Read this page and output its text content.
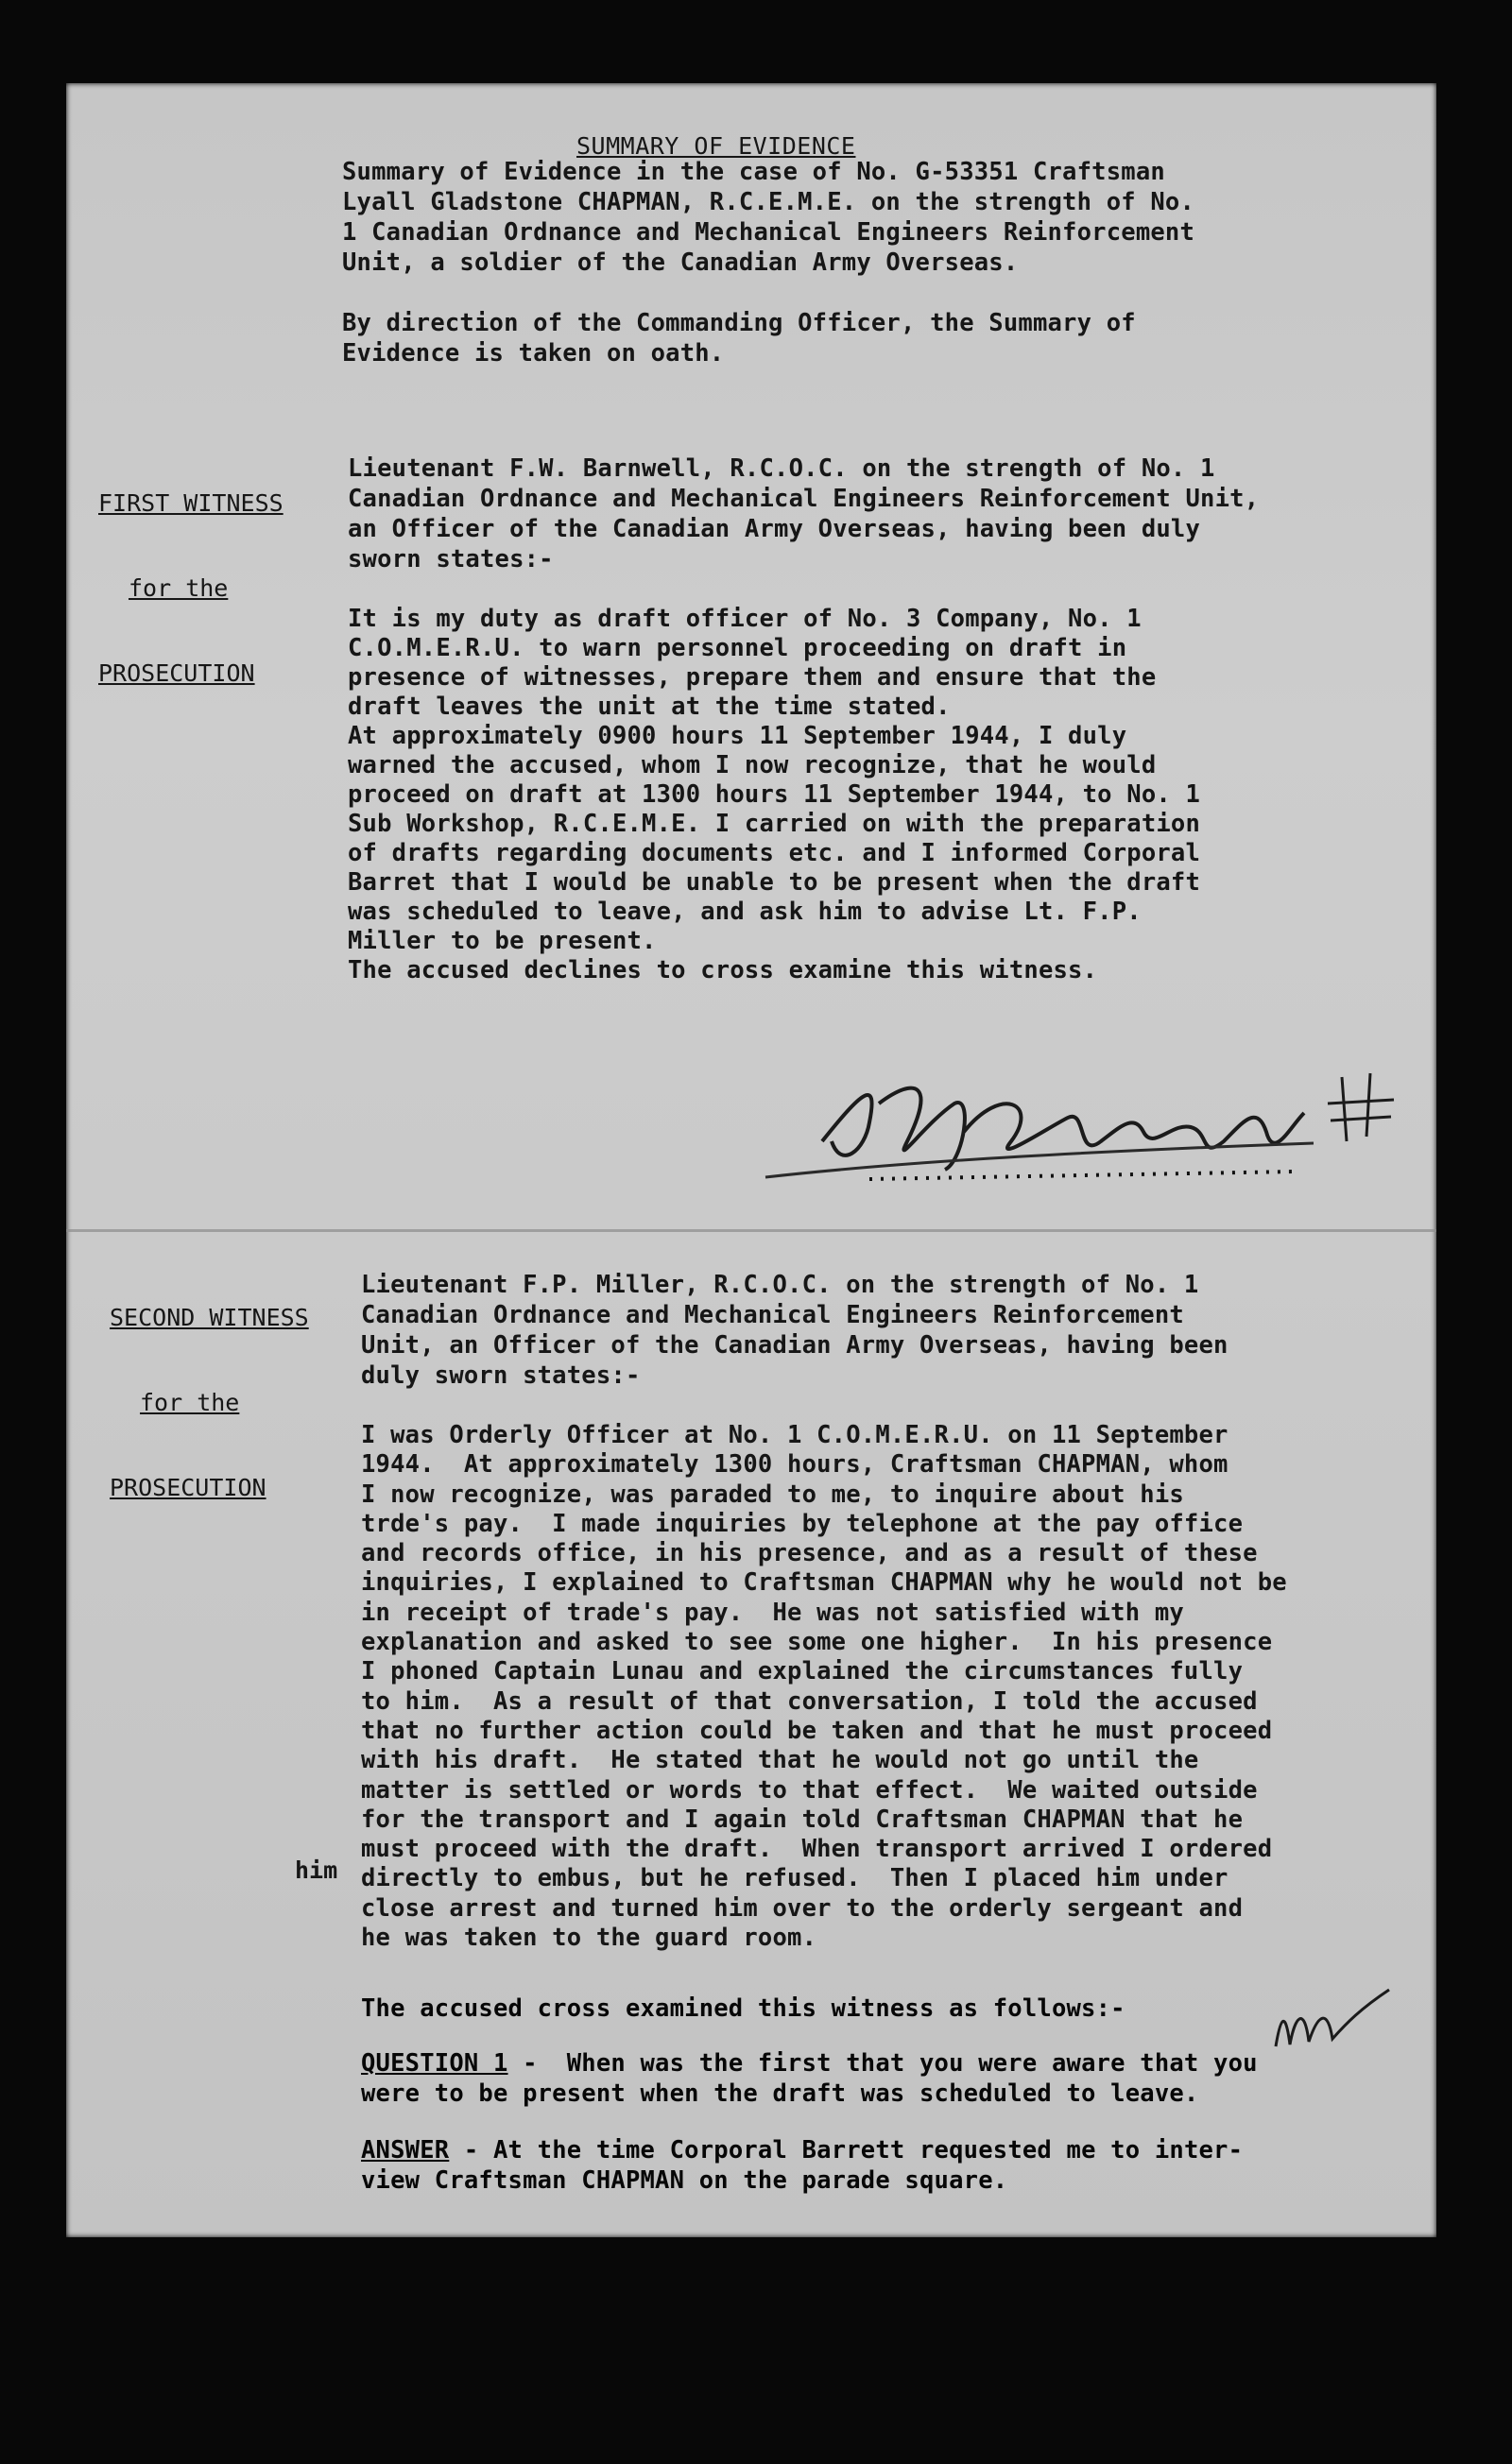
SUMMARY OF EVIDENCE
Summary of Evidence in the case of No. G-53351 Craftsman
Lyall Gladstone CHAPMAN, R.C.E.M.E. on the strength of No.
1 Canadian Ordnance and Mechanical Engineers Reinforcement
Unit, a soldier of the Canadian Army Overseas.
By direction of the Commanding Officer, the Summary of
Evidence is taken on oath.

FIRST WITNESS

for the

PROSECUTION

Lieutenant F.W. Barnwell, R.C.O.C. on the strength of No. 1
Canadian Ordnance and Mechanical Engineers Reinforcement Unit,
an Officer of the Canadian Army Overseas, having been duly
sworn states:-
It is my duty as draft officer of No. 3 Company, No. 1
C.O.M.E.R.U. to warn personnel proceeding on draft in
presence of witnesses, prepare them and ensure that the
draft leaves the unit at the time stated.
At approximately 0900 hours 11 September 1944, I duly
warned the accused, whom I now recognize, that he would
proceed on draft at 1300 hours 11 September 1944, to No. 1
Sub Workshop, R.C.E.M.E. I carried on with the preparation
of drafts regarding documents etc. and I informed Corporal
Barret that I would be unable to be present when the draft
was scheduled to leave, and ask him to advise Lt. F.P.
Miller to be present.
The accused declines to cross examine this witness.

SECOND WITNESS

for the

PROSECUTION

Lieutenant F.P. Miller, R.C.O.C. on the strength of No. 1
Canadian Ordnance and Mechanical Engineers Reinforcement
Unit, an Officer of the Canadian Army Overseas, having been
duly sworn states:-
I was Orderly Officer at No. 1 C.O.M.E.R.U. on 11 September
1944.  At approximately 1300 hours, Craftsman CHAPMAN, whom
I now recognize, was paraded to me, to inquire about his
trde's pay.  I made inquiries by telephone at the pay office
and records office, in his presence, and as a result of these
inquiries, I explained to Craftsman CHAPMAN why he would not be
in receipt of trade's pay.  He was not satisfied with my
explanation and asked to see some one higher.  In his presence
I phoned Captain Lunau and explained the circumstances fully
to him.  As a result of that conversation, I told the accused
that no further action could be taken and that he must proceed
with his draft.  He stated that he would not go until the
matter is settled or words to that effect.  We waited outside
for the transport and I again told Craftsman CHAPMAN that he
must proceed with the draft.  When transport arrived I ordered
directly to embus, but he refused.  Then I placed him under
close arrest and turned him over to the orderly sergeant and
he was taken to the guard room.
him
The accused cross examined this witness as follows:-
QUESTION 1 -  When was the first that you were aware that you
were to be present when the draft was scheduled to leave.
ANSWER - At the time Corporal Barrett requested me to inter-
view Craftsman CHAPMAN on the parade square.
